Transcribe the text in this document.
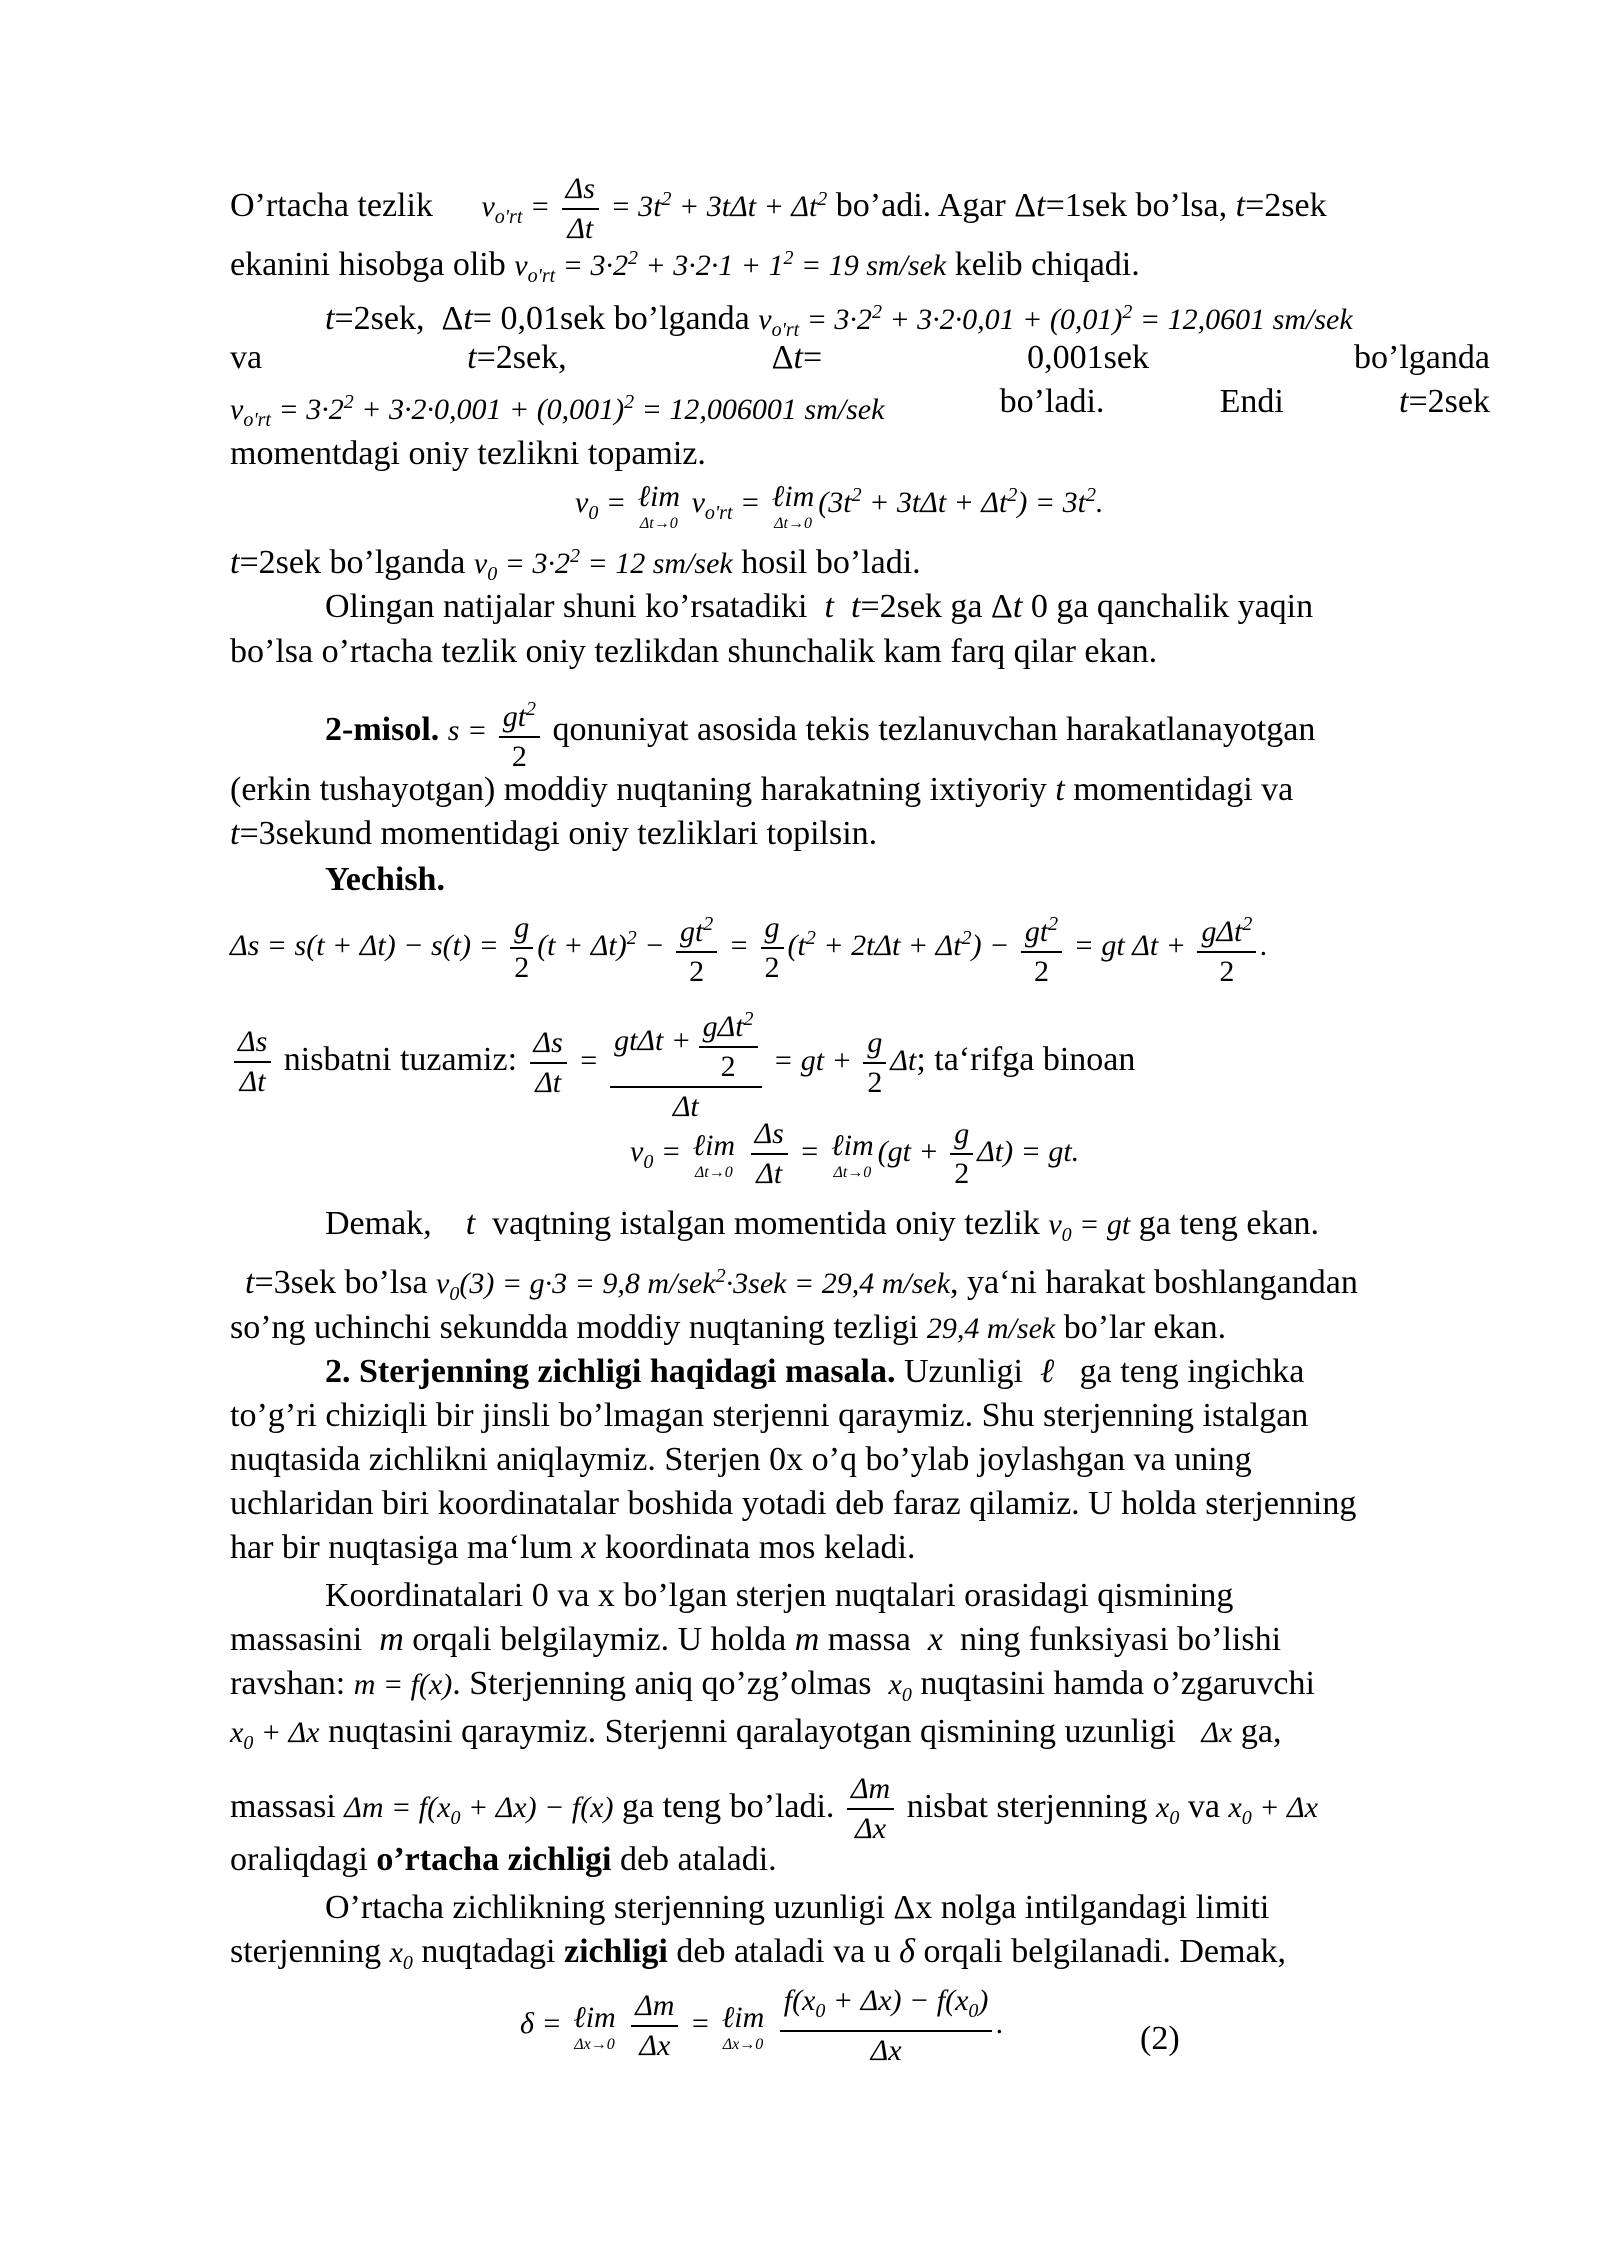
O’rtacha tezlik $v_{o'rt} = \frac{\Delta s}{\Delta t} = 3t^2 + 3t\Delta t + \Delta t^2$ bo’adi. Agar Δt=1sek bo’lsa, t=2sek
ekanini hisobga olib $v_{o'rt} = 3\cdot 2^2 + 3\cdot 2\cdot 1 + 1^2 = 19$ sm/sek kelib chiqadi.
t=2sek,  Δt= 0,01sek bo’lganda $v_{o'rt} = 3\cdot 2^2 + 3\cdot 2\cdot 0,01 + (0,01)^2 = 12,0601$ sm/sek
va	t=2sek,	Δt=	0,001sek	bo’lganda
$v_{o'rt} = 3\cdot 2^2 + 3\cdot 2\cdot 0,001 + (0,001)^2 = 12,006001$ sm/sek	bo’ladi.	Endi	t=2sek
momentdagi oniy tezlikni topamiz.
$v_0$ = ℓim
Δt→0
$v_{o'rt}$ = ℓim
Δt→0
$(3t^2 + 3t\Delta t + \Delta t^2) = 3t^2$.
t=2sek bo’lganda $v_0 = 3\cdot 2^2 = 12$ sm/sek hosil bo’ladi.
Olingan natijalar shuni ko’rsatadiki t t=2sek ga Δt 0 ga qanchalik yaqin
bo’lsa o’rtacha tezlik oniy tezlikdan shunchalik kam farq qilar ekan.
2-misol. $s = \frac{gt^2}{2}$ qonuniyat asosida tekis tezlanuvchan harakatlanayotgan
(erkin tushayotgan) moddiy nuqtaning harakatning ixtiyoriy t momentidagi va
t=3sekund momentidagi oniy tezliklari topilsin.
Yechish.
$\Delta s = s(t + \Delta t) - s(t) = \frac{g}{2} (t + \Delta t)^2 - \frac{gt^2}{2} = \frac{g}{2} (t^2 + 2t\Delta t + \Delta t^2) - \frac{gt^2}{2}$ = gt $\Delta t + \frac{g\Delta t^2}{2}$ .
$\frac{\Delta s}{\Delta t}$ nisbatni tuzamiz: $\frac{\Delta s}{\Delta t} = \frac{gt\Delta t + \frac{g\Delta t^2}{2}}{\Delta t}$ = gt + $\frac{g}{2} \Delta t$; ta‘rifga binoan
$v_0$ = ℓim
Δt→0
$\frac{\Delta s}{\Delta t}$ = ℓim
Δt→0
$(gt + \frac{g}{2} \Delta t)$ = gt.
Demak, t vaqtning istalgan momentida oniy tezlik $v_0$ = gt ga teng ekan.
t=3sek bo’lsa $v_0(3) = g\cdot 3 = 9,8$ m/sek$^2$·3sek = 29,4 m/sek, ya‘ni harakat boshlangandan
so’ng uchinchi sekundda moddiy nuqtaning tezligi 29,4 m/sek bo’lar ekan.
2. Sterjenning zichligi haqidagi masala. Uzunligi ℓ ga teng ingichka
to’g’ri chiziqli bir jinsli bo’lmagan sterjenni qaraymiz. Shu sterjenning istalgan
nuqtasida zichlikni aniqlaymiz. Sterjen 0x o’q bo’ylab joylashgan va uning
uchlaridan biri koordinatalar boshida yotadi deb faraz qilamiz. U holda sterjenning
har bir nuqtasiga ma‘lum x koordinata mos keladi.
Koordinatalari 0 va x bo’lgan sterjen nuqtalari orasidagi qismining
massasini m orqali belgilaymiz. U holda m massa x ning funksiyasi bo’lishi
ravshan: m = f(x). Sterjenning aniq qo’zg’olmas $x_0$ nuqtasini hamda o’zgaruvchi
$x_0 + \Delta x$ nuqtasini qaraymiz. Sterjenni qaralayotgan qismining uzunligi Δx ga,
massasi $\Delta m = f(x_0 + \Delta x) - f(x)$ ga teng bo’ladi. $\frac{\Delta m}{\Delta x}$ nisbat sterjenning $x_0$ va $x_0 + \Delta x$
oraliqdagi o’rtacha zichligi deb ataladi.
O’rtacha zichlikning sterjenning uzunligi Δx nolga intilgandagi limiti
sterjenning $x_0$ nuqtadagi zichligi deb ataladi va u δ orqali belgilanadi. Demak,
δ = ℓim
Δx→0
$\frac{\Delta m}{\Delta x}$ = ℓim
Δx→0
$\frac{f(x_0 + \Delta x) - f(x_0)}{\Delta x}$ .	(2)
